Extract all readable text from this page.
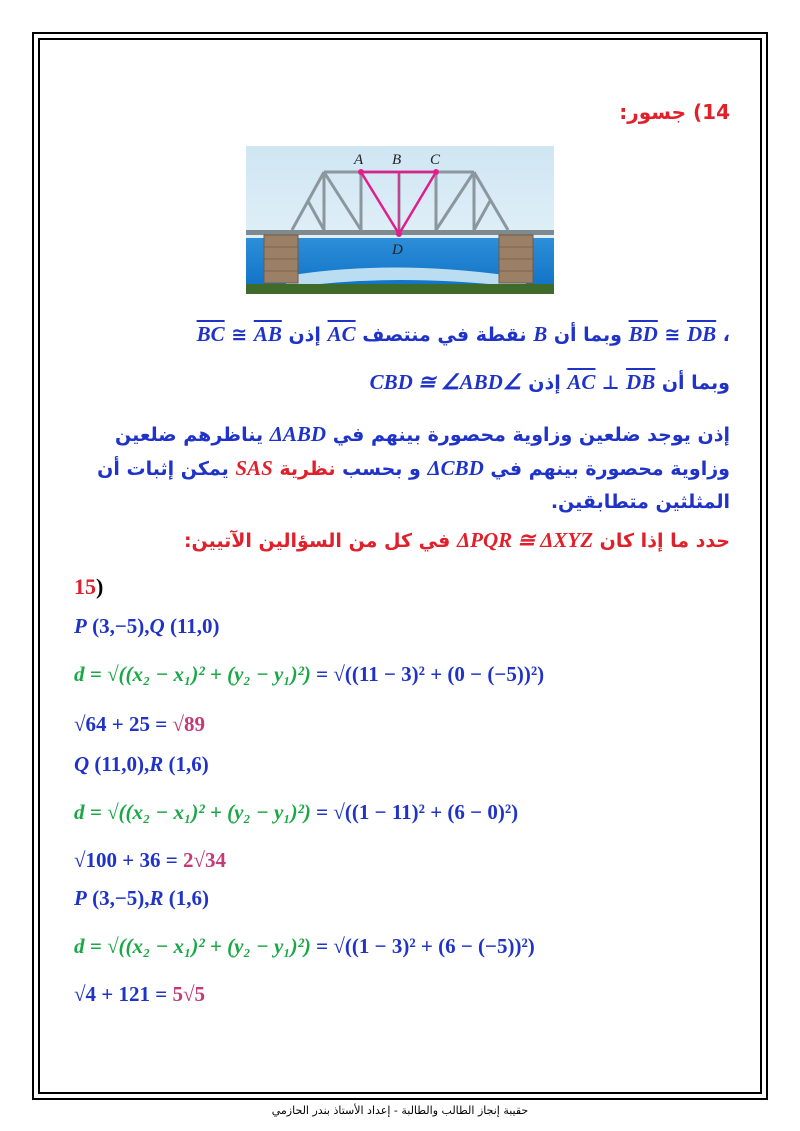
14) جسور:
A B C
D
، BD ≅ DB وبما أن B نقطة في منتصف AC إذن BC ≅ AB
وبما أن AC ⊥ DB إذن ∠CBD ≅ ∠ABD
إذن يوجد ضلعين وزاوية محصورة بينهم في ΔABD يناظرهم ضلعين وزاوية محصورة بينهم في ΔCBD و بحسب نظرية SAS يمكن إثبات أن المثلثين متطابقين.
حدد ما إذا كان ΔPQR ≅ ΔXYZ في كل من السؤالين الآتيين:
15)
P (3,−5),Q (11,0)
d = √((x₂ − x₁)² + (y₂ − y₁)²) = √((11 − 3)² + (0 − (−5))²)
√64 + 25 = √89
Q (11,0),R (1,6)
d = √((x₂ − x₁)² + (y₂ − y₁)²) = √((1 − 11)² + (6 − 0)²)
√100 + 36 = 2√34
P (3,−5),R (1,6)
d = √((x₂ − x₁)² + (y₂ − y₁)²) = √((1 − 3)² + (6 − (−5))²)
√4 + 121 = 5√5
حقيبة إنجاز الطالب والطالبة - إعداد الأستاذ بندر الحازمي
